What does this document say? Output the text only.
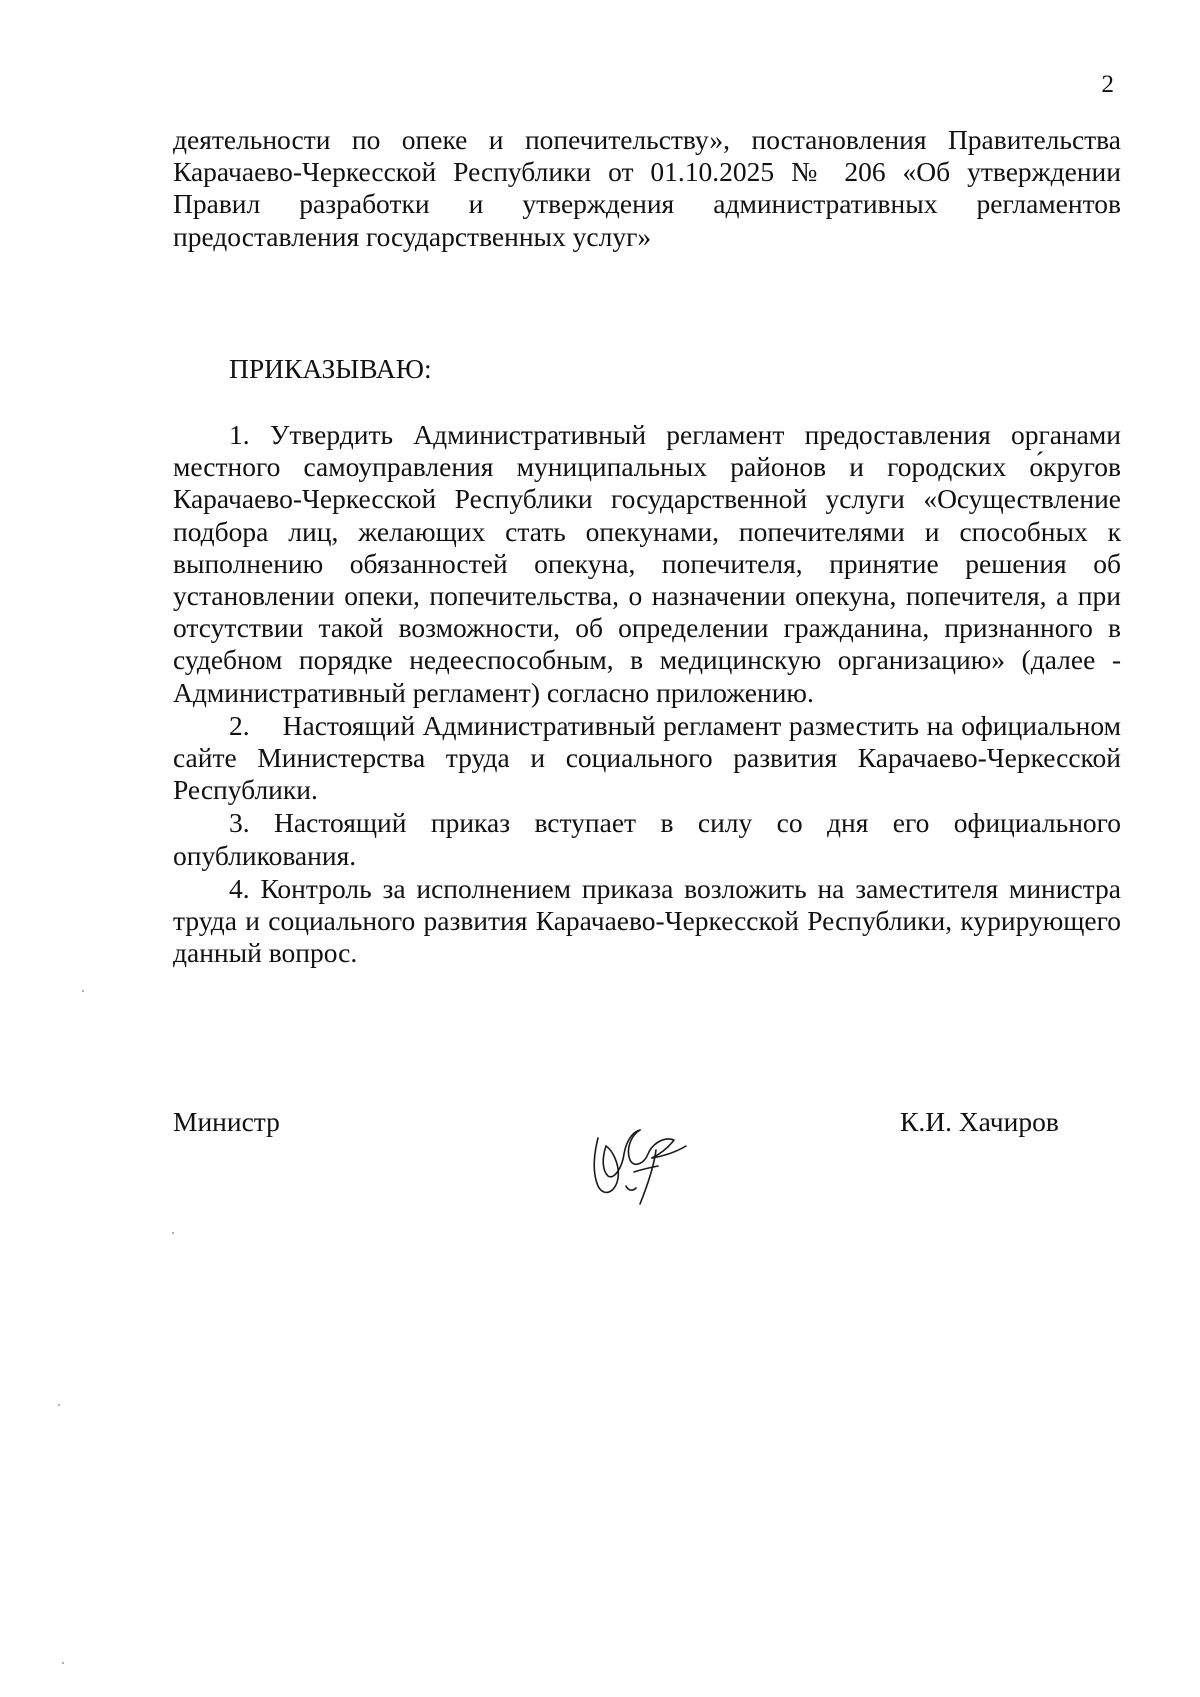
2

деятельности по опеке и попечительству», постановления Правительства Карачаево-Черкесской Республики от 01.10.2025 № 206 «Об утверждении Правил разработки и утверждения административных регламентов предоставления государственных услуг»

ПРИКАЗЫВАЮ:

1. Утвердить Административный регламент предоставления органами местного самоуправления муниципальных районов и городских о́кругов Карачаево-Черкесской Республики государственной услуги «Осуществление подбора лиц, желающих стать опекунами, попечителями и способных к выполнению обязанностей опекуна, попечителя, принятие решения об установлении опеки, попечительства, о назначении опекуна, попечителя, а при отсутствии такой возможности, об определении гражданина, признанного в судебном порядке недееспособным, в медицинскую организацию» (далее - Административный регламент) согласно приложению.

2. Настоящий Административный регламент разместить на официальном сайте Министерства труда и социального развития Карачаево-Черкесской Республики.

3. Настоящий приказ вступает в силу со дня его официального опубликования.

4. Контроль за исполнением приказа возложить на заместителя министра труда и социального развития Карачаево-Черкесской Республики, курирующего данный вопрос.

Министр	К.И. Хачиров
